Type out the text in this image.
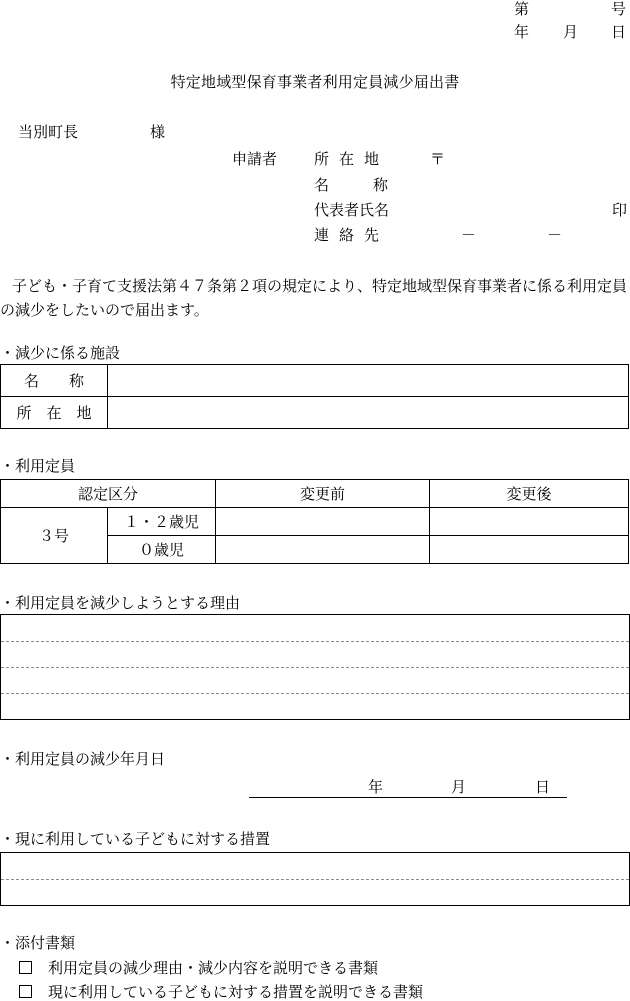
第	号
年 月 日
特定地域型保育事業者利用定員減少届出書
当別町長	様
申請者 所在地	〒
名称
代表者氏名	印
連絡先	－	－
子ども・子育て支援法第４７条第２項の規定により、特定地域型保育事業者に係る利用定員の減少をしたいので届出ます。
・減少に係る施設
名　　称	
所　在　地	
・利用定員
認定区分		変更前	変更後
３号	１・２歳児		
	０歳児		
・利用定員を減少しようとする理由
・利用定員の減少年月日
年	月	日
・現に利用している子どもに対する措置
・添付書類
利用定員の減少理由・減少内容を説明できる書類
現に利用している子どもに対する措置を説明できる書類
